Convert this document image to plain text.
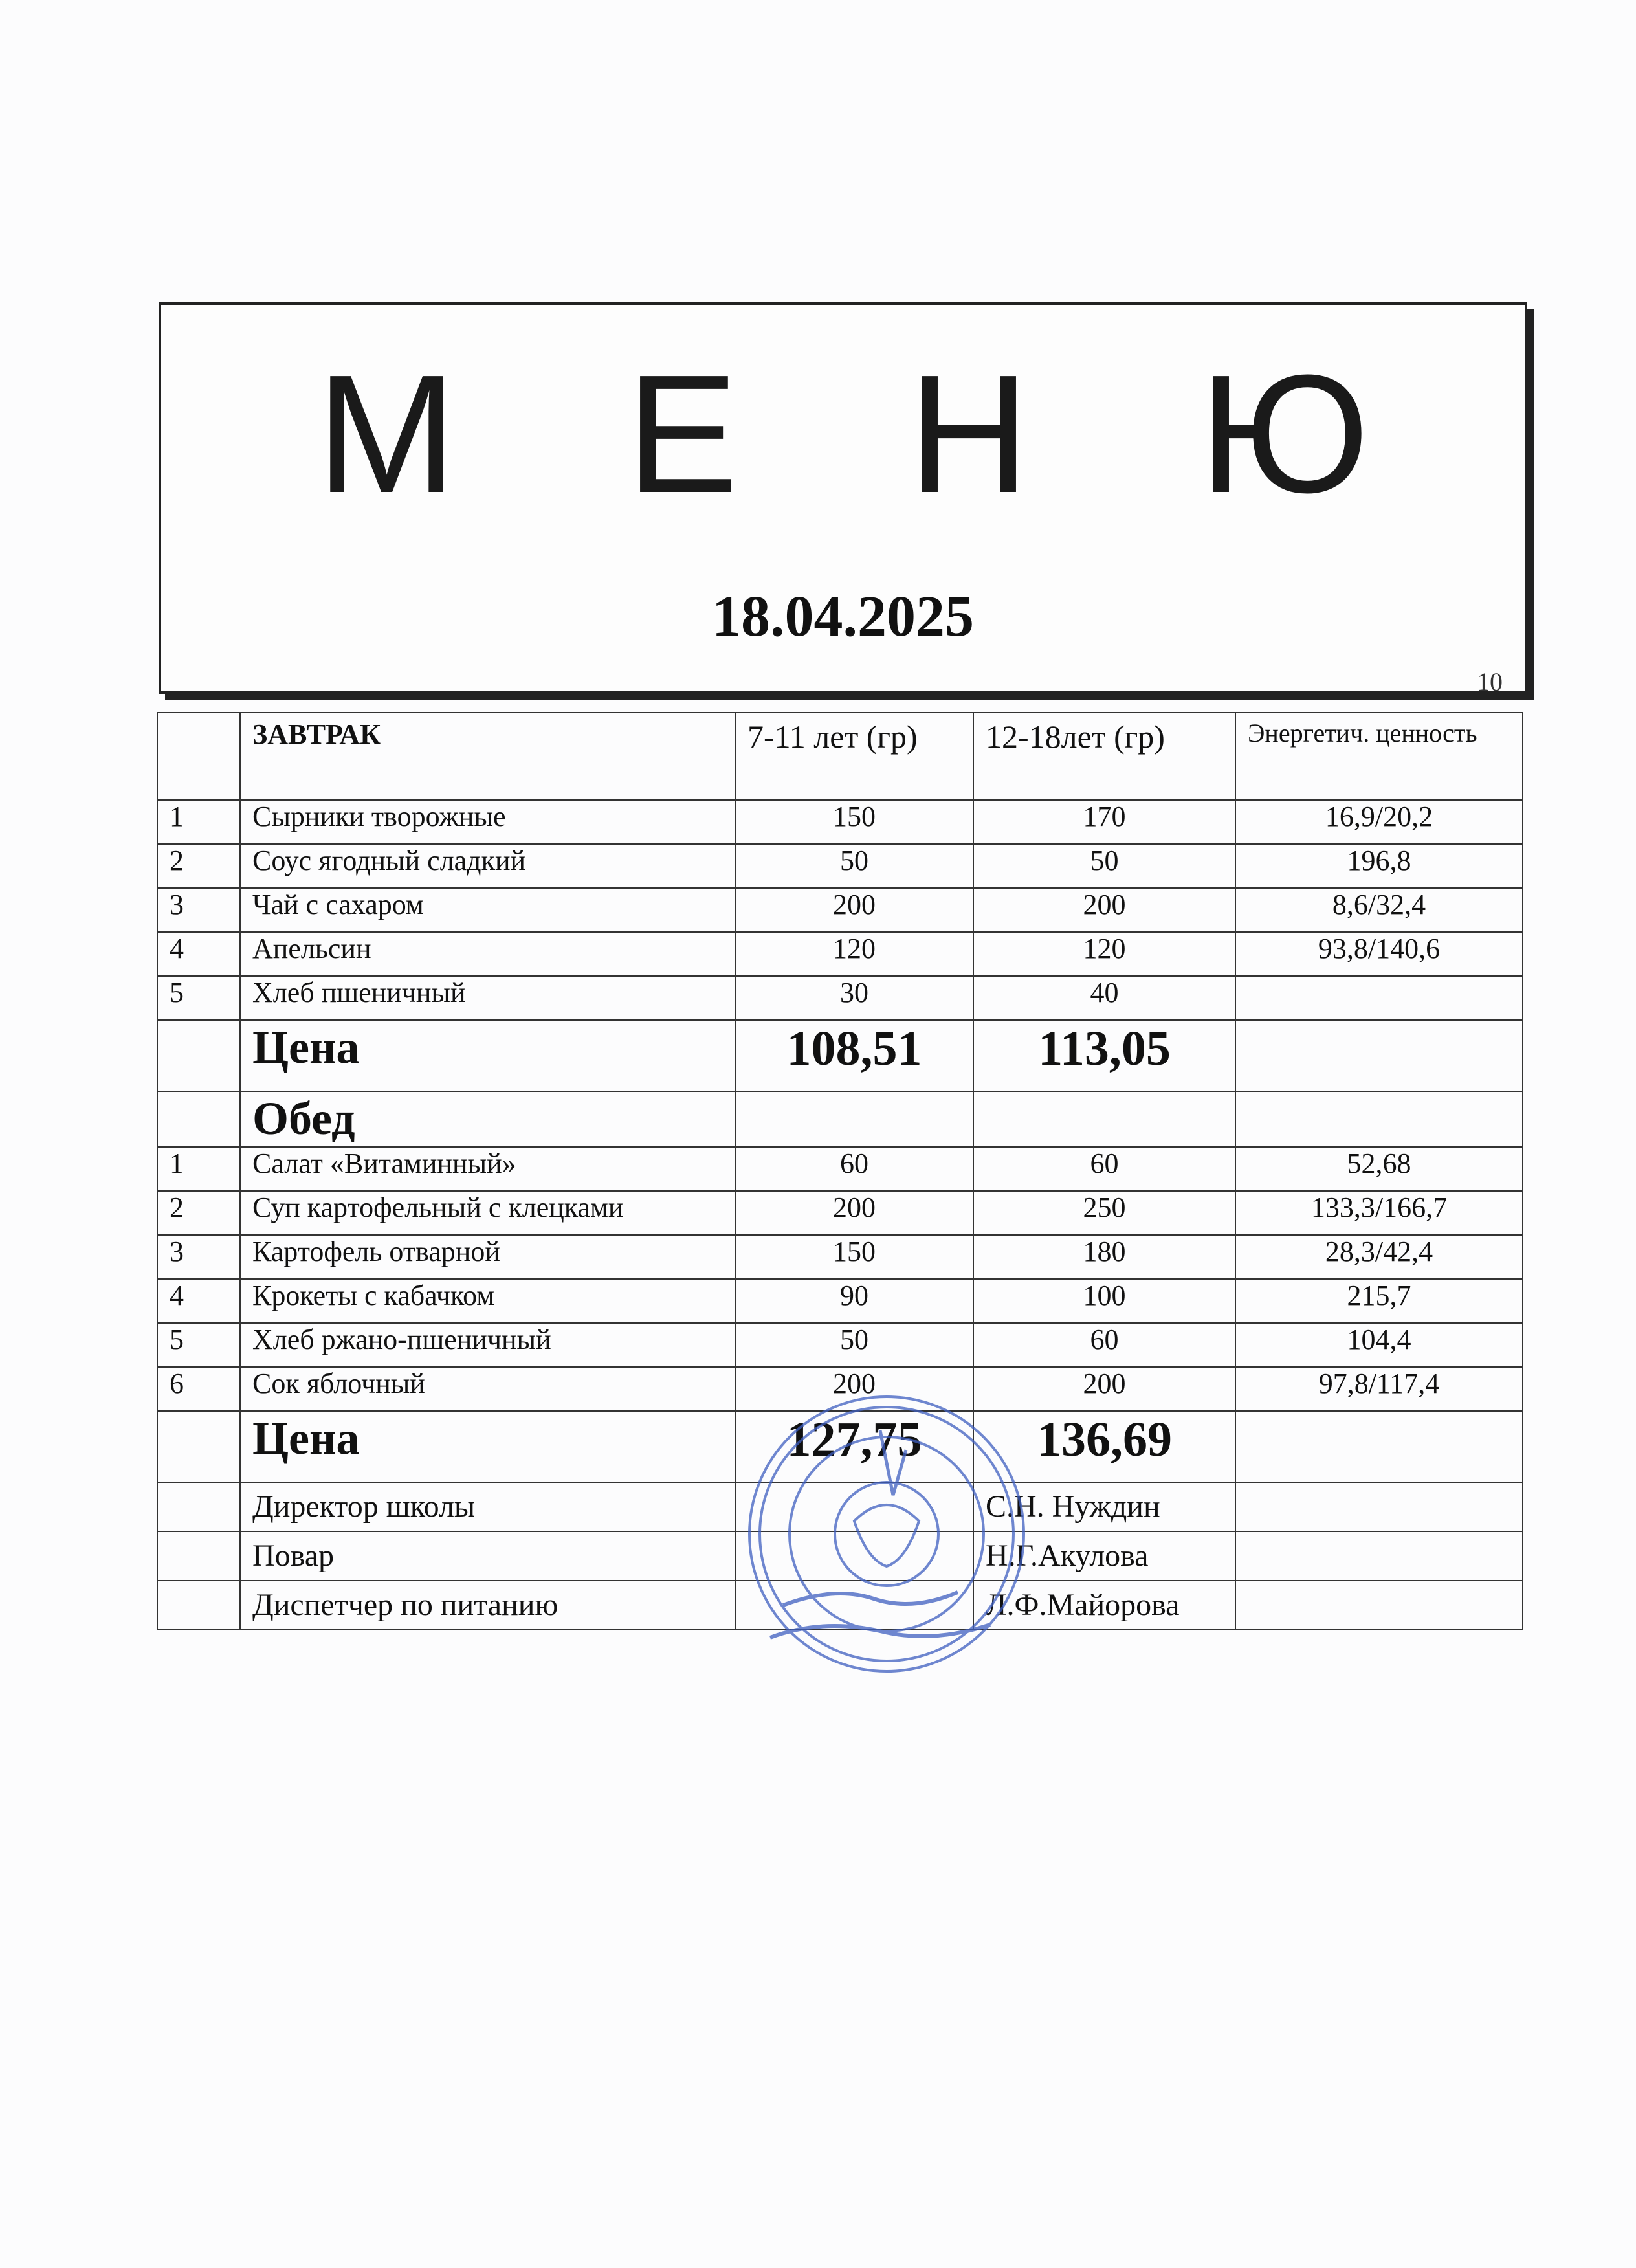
М Е Н Ю
18.04.2025
10
	ЗАВТРАК	7-11 лет (гр)	12-18лет (гр)	Энергетич. ценность
1	Сырники творожные	150	170	16,9/20,2
2	Соус ягодный сладкий	50	50	196,8
3	Чай с сахаром	200	200	8,6/32,4
4	Апельсин	120	120	93,8/140,6
5	Хлеб пшеничный	30	40	
	Цена	108,51	113,05	
	Обед			
1	Салат «Витаминный»	60	60	52,68
2	Суп картофельный с клецками	200	250	133,3/166,7
3	Картофель отварной	150	180	28,3/42,4
4	Крокеты с кабачком	90	100	215,7
5	Хлеб ржано-пшеничный	50	60	104,4
6	Сок яблочный	200	200	97,8/117,4
	Цена	127,75	136,69	
	Директор школы		С.Н. Нуждин	
	Повар		Н.Г.Акулова	
	Диспетчер по питанию		Л.Ф.Майорова	
